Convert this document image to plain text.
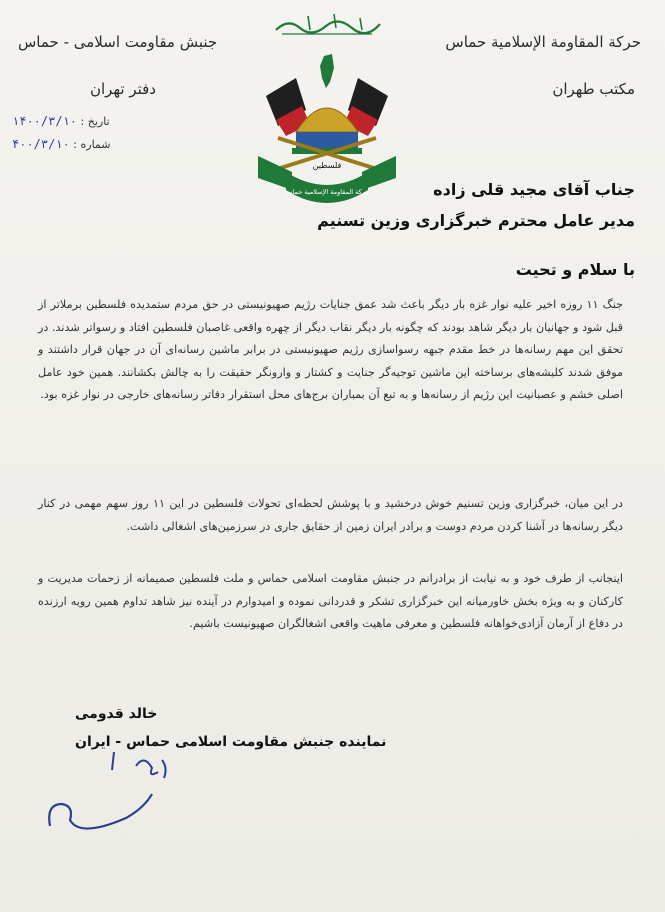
جنبش مقاومت اسلامی - حماس
دفتر تهران
حركة المقاومة الإسلامية حماس
مكتب طهران
تاریخ : ۱۴۰۰/۳/۱۰
شماره : ۴۰۰/۳/۱۰
فلسطین
حركة المقاومة الإسلامية حماس	جناب آقای مجید قلی زاده
مدیر عامل محترم خبرگزاری وزین تسنیم
با سلام و تحیت
جنگ ۱۱ روزه اخیر علیه نوار غزه بار دیگر باعث شد عمق جنایات رژیم صهیونیستی در حق مردم ستمدیده فلسطین برملاتر از قبل شود و جهانیان بار دیگر شاهد بودند که چگونه بار دیگر نقاب دیگر از چهره واقعی غاصبان فلسطین افتاد و رسواتر شدند. در تحقق این مهم رسانه‌ها در خط مقدم جبهه رسواسازی رژیم صهیونیستی در برابر ماشین رسانه‌ای آن در جهان قرار داشتند و موفق شدند کلیشه‌های برساخته این ماشین توجیه‌گر جنایت و کشتار و وارونگر حقیقت را به چالش بکشانند. همین خود عامل اصلی خشم و عصبانیت این رژیم از رسانه‌ها و به تبع آن بمباران برج‌های محل استقرار دفاتر رسانه‌های خارجی در نوار غزه بود.
در این میان، خبرگزاری وزین تسنیم خوش درخشید و با پوشش لحظه‌ای تحولات فلسطین در این ۱۱ روز سهم مهمی در کنار دیگر رسانه‌ها در آشنا کردن مردم دوست و برادر ایران زمین از حقایق جاری در سرزمین‌های اشغالی داشت.
اینجانب از طرف خود و به نیابت از برادرانم در جنبش مقاومت اسلامی حماس و ملت فلسطین صمیمانه از زحمات مدیریت و کارکنان و به ویژه بخش خاورمیانه این خبرگزاری تشکر و قدردانی نموده و امیدوارم در آینده نیز شاهد تداوم همین رویه ارزنده در دفاع از آرمان آزادی‌خواهانه فلسطین و معرفی ماهیت واقعی اشغالگران صهیونیست باشیم.
خالد قدومی
نماینده جنبش مقاومت اسلامی حماس - ایران
